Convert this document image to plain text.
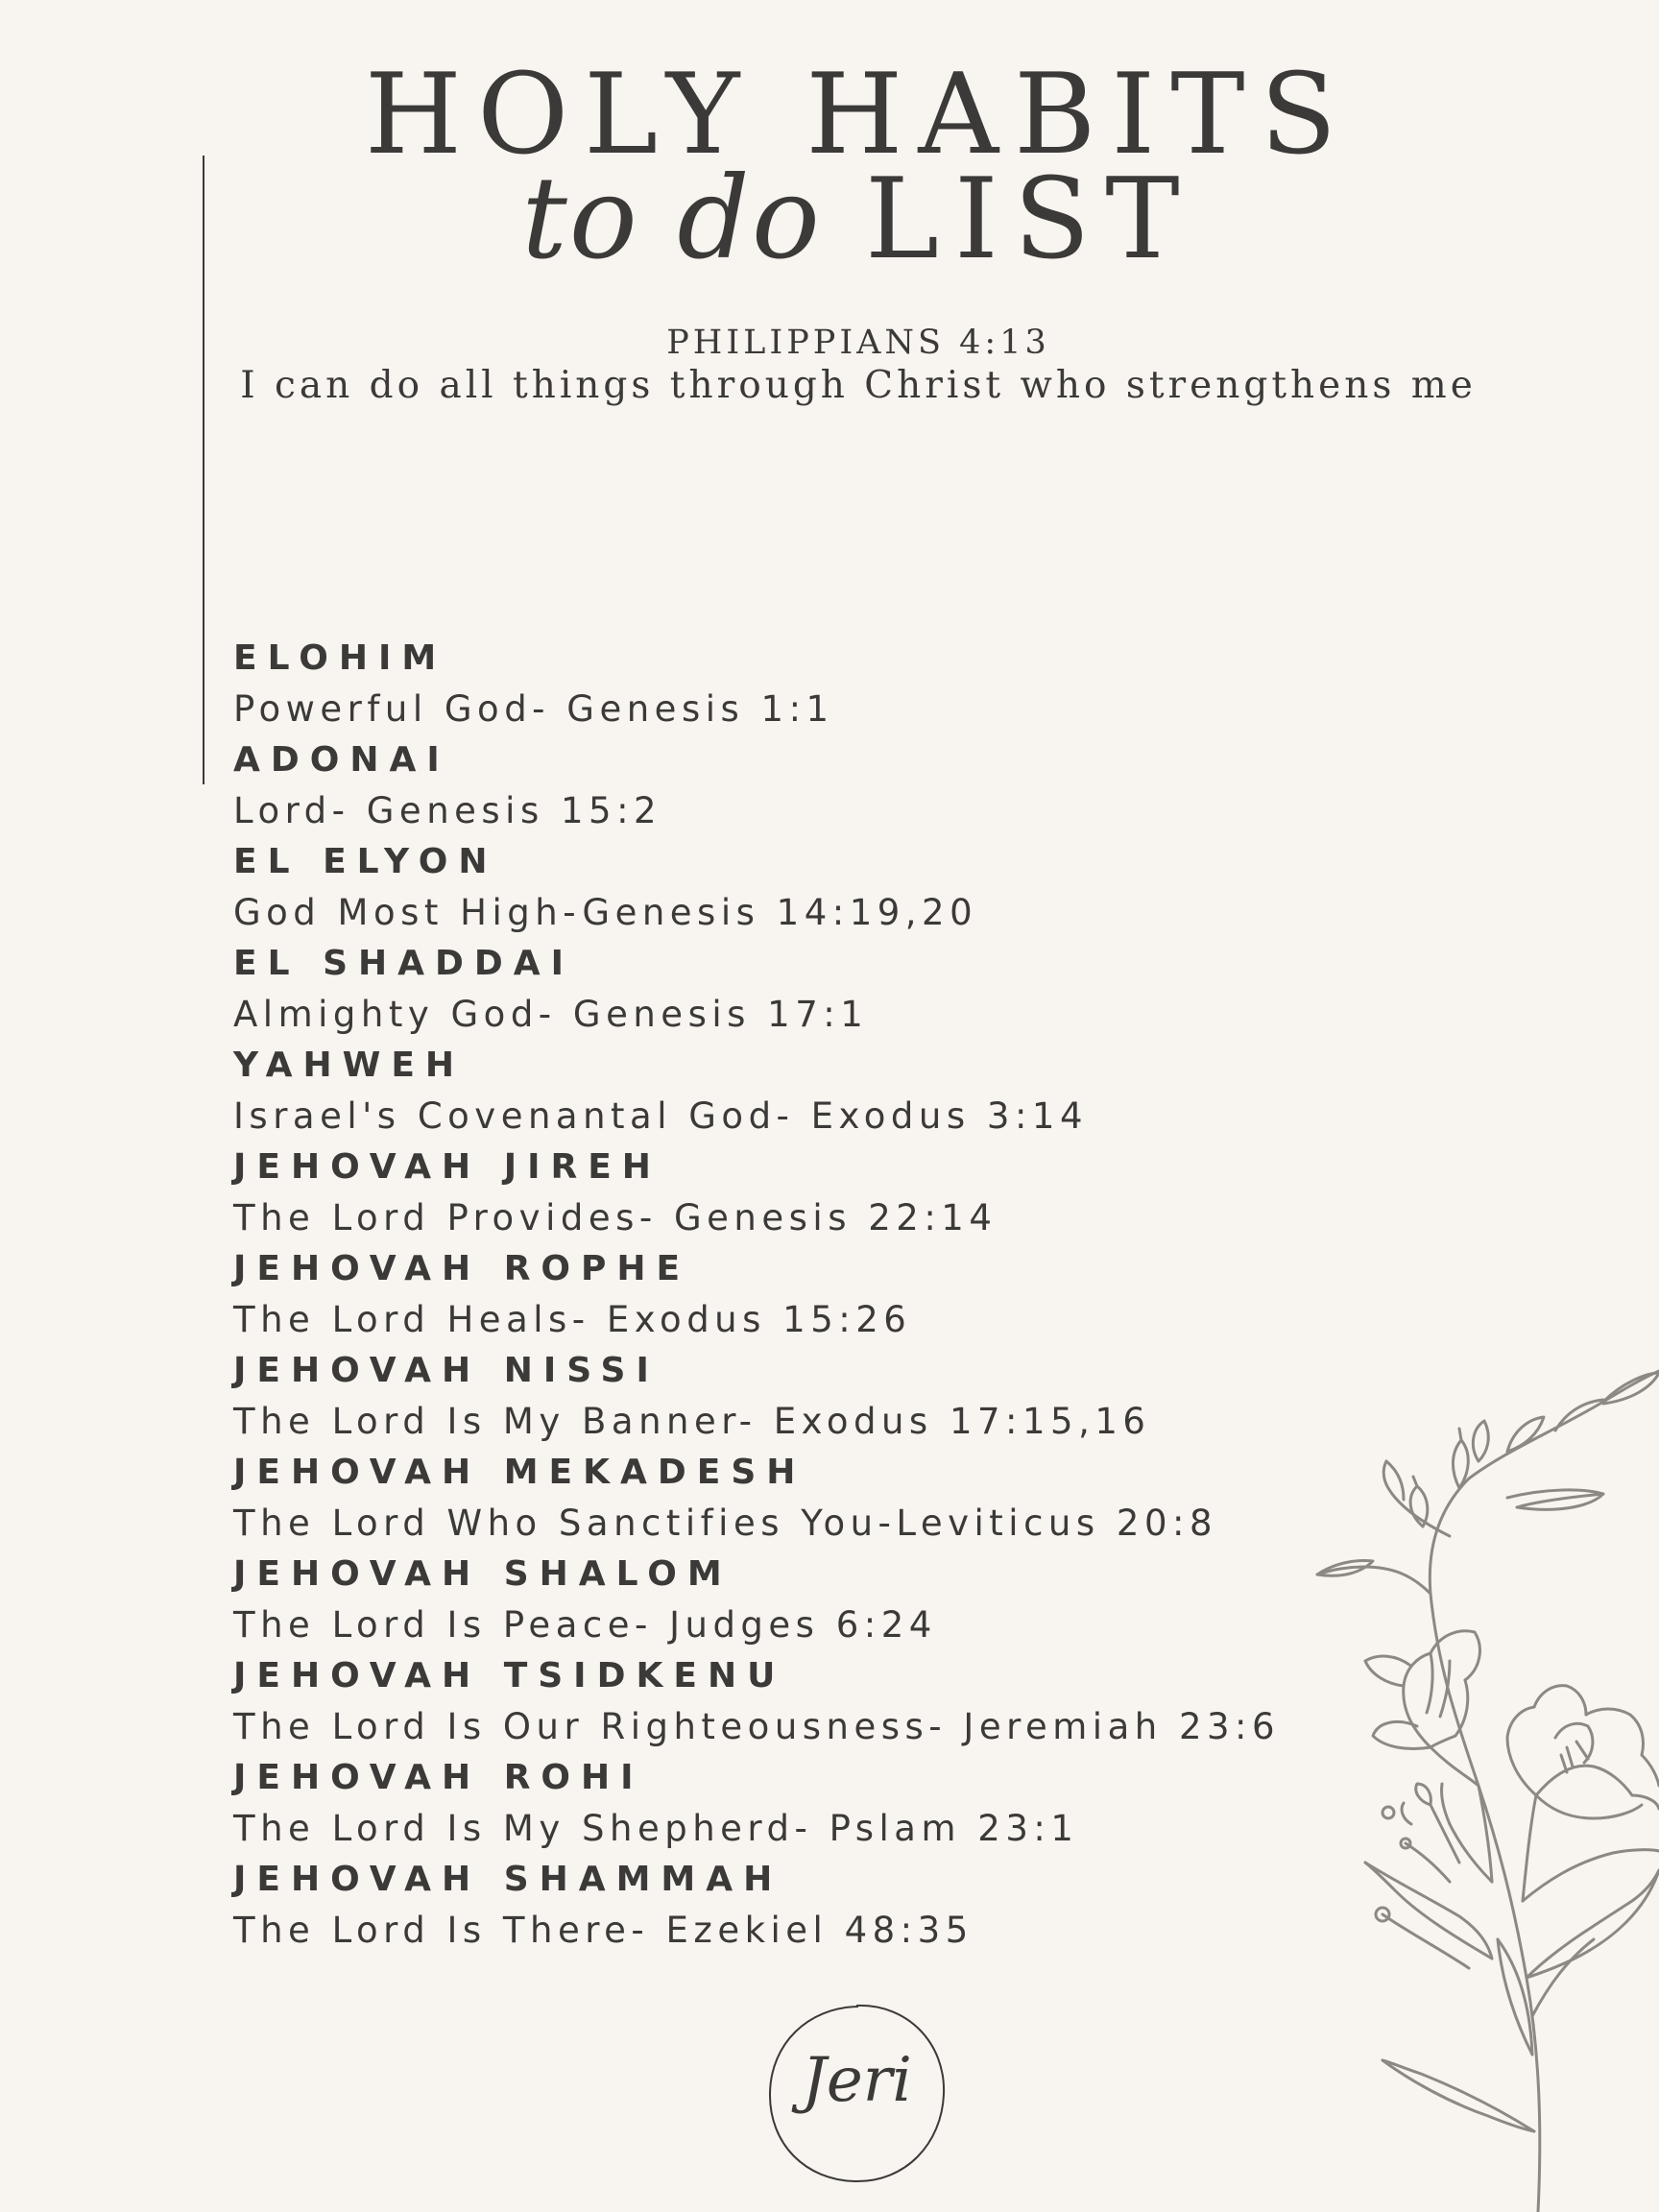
HOLY HABITS
to do LIST
PHILIPPIANS 4:13
I can do all things through Christ who strengthens me
ELOHIM
Powerful God- Genesis 1:1
ADONAI
Lord- Genesis 15:2
EL ELYON
God Most High-Genesis 14:19,20
EL SHADDAI
Almighty God- Genesis 17:1
YAHWEH
Israel's Covenantal God- Exodus 3:14
JEHOVAH JIREH
The Lord Provides- Genesis 22:14
JEHOVAH ROPHE
The Lord Heals- Exodus 15:26
JEHOVAH NISSI
The Lord Is My Banner- Exodus 17:15,16
JEHOVAH MEKADESH
The Lord Who Sanctifies You-Leviticus 20:8
JEHOVAH SHALOM
The Lord Is Peace- Judges 6:24
JEHOVAH TSIDKENU
The Lord Is Our Righteousness- Jeremiah 23:6
JEHOVAH ROHI
The Lord Is My Shepherd- Pslam 23:1
JEHOVAH SHAMMAH
The Lord Is There- Ezekiel 48:35
Jeri
